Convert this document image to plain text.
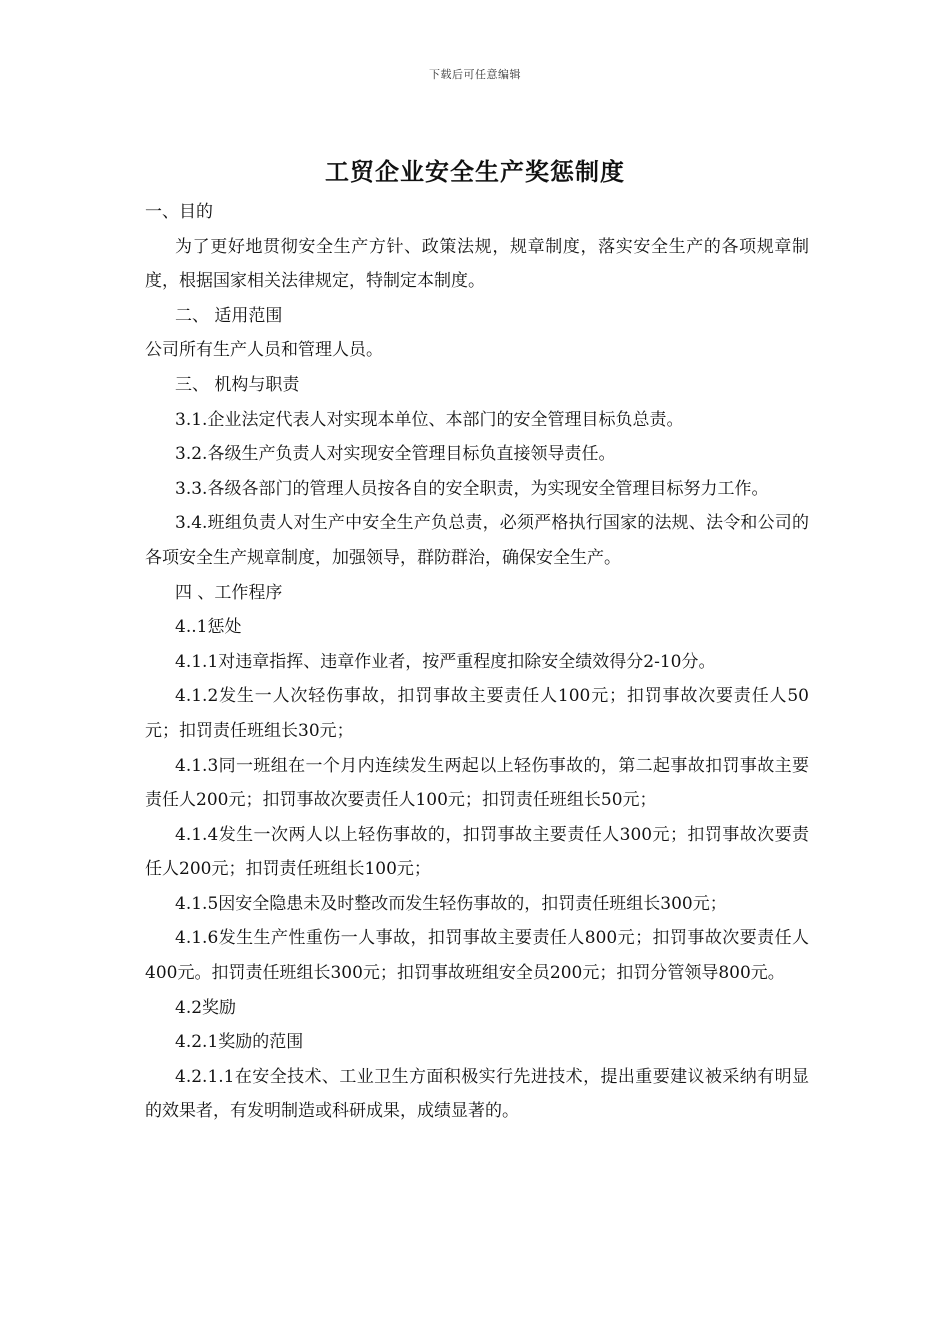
下载后可任意编辑
工贸企业安全生产奖惩制度
一、目的
为了更好地贯彻安全生产方针、政策法规，规章制度，落实安全生产的各项规章制度，根据国家相关法律规定，特制定本制度。
二、 适用范围
公司所有生产人员和管理人员。
三、 机构与职责
3.1.企业法定代表人对实现本单位、本部门的安全管理目标负总责。
3.2.各级生产负责人对实现安全管理目标负直接领导责任。
3.3.各级各部门的管理人员按各自的安全职责，为实现安全管理目标努力工作。
3.4.班组负责人对生产中安全生产负总责，必须严格执行国家的法规、法令和公司的各项安全生产规章制度，加强领导，群防群治，确保安全生产。
四 、工作程序
4..1惩处
4.1.1对违章指挥、违章作业者，按严重程度扣除安全绩效得分2-10分。
4.1.2发生一人次轻伤事故，扣罚事故主要责任人100元；扣罚事故次要责任人50元；扣罚责任班组长30元；
4.1.3同一班组在一个月内连续发生两起以上轻伤事故的，第二起事故扣罚事故主要责任人200元；扣罚事故次要责任人100元；扣罚责任班组长50元；
4.1.4发生一次两人以上轻伤事故的，扣罚事故主要责任人300元；扣罚事故次要责任人200元；扣罚责任班组长100元；
4.1.5因安全隐患未及时整改而发生轻伤事故的，扣罚责任班组长300元；
4.1.6发生生产性重伤一人事故，扣罚事故主要责任人800元；扣罚事故次要责任人400元。扣罚责任班组长300元；扣罚事故班组安全员200元；扣罚分管领导800元。
4.2奖励
4.2.1奖励的范围
4.2.1.1在安全技术、工业卫生方面积极实行先进技术，提出重要建议被采纳有明显的效果者，有发明制造或科研成果，成绩显著的。
